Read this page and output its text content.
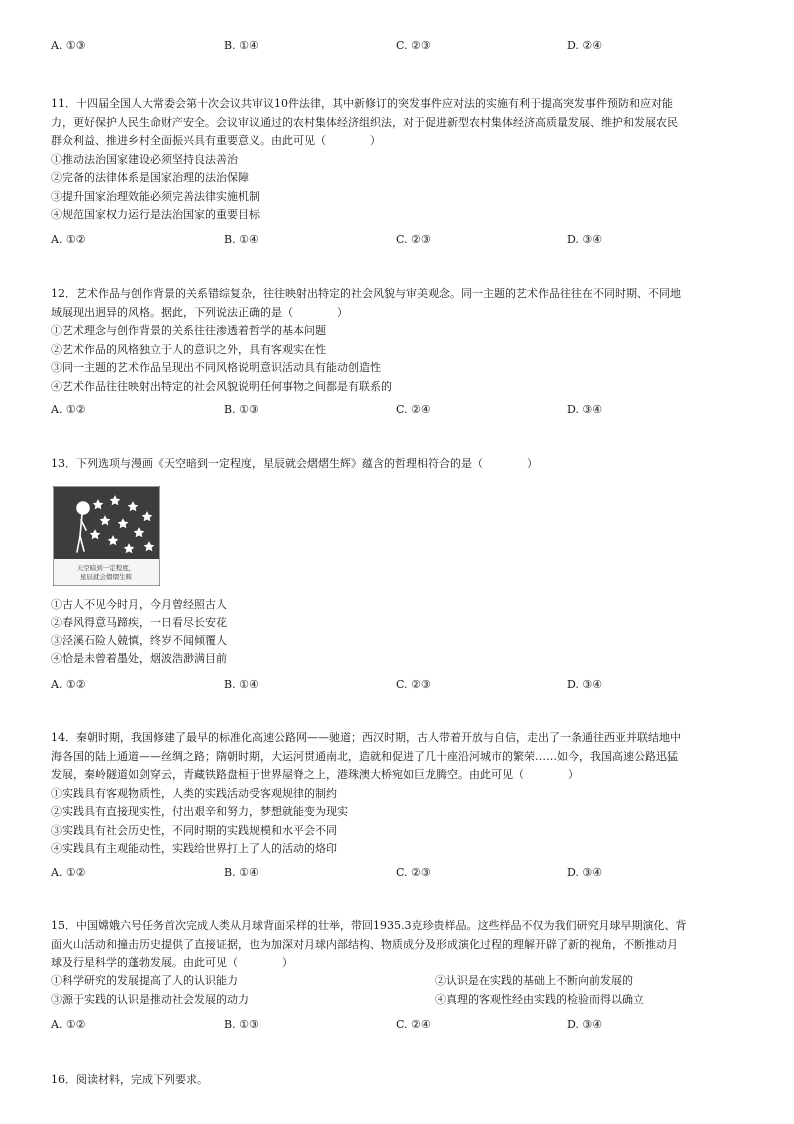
A. ①③	B. ①④	C. ②③	D. ②④
11．十四届全国人大常委会第十次会议共审议10件法律，其中新修订的突发事件应对法的实施有利于提高突发事件预防和应对能
力，更好保护人民生命财产安全。会议审议通过的农村集体经济组织法，对于促进新型农村集体经济高质量发展、维护和发展农民
群众利益、推进乡村全面振兴具有重要意义。由此可见（　　　　）
①推动法治国家建设必须坚持良法善治
②完备的法律体系是国家治理的法治保障
③提升国家治理效能必须完善法律实施机制
④规范国家权力运行是法治国家的重要目标
A. ①②	B. ①④	C. ②③	D. ③④
12．艺术作品与创作背景的关系错综复杂，往往映射出特定的社会风貌与审美观念。同一主题的艺术作品往往在不同时期、不同地
域展现出迥异的风格。据此，下列说法正确的是（　　　　）
①艺术理念与创作背景的关系往往渗透着哲学的基本问题
②艺术作品的风格独立于人的意识之外，具有客观实在性
③同一主题的艺术作品呈现出不同风格说明意识活动具有能动创造性
④艺术作品往往映射出特定的社会风貌说明任何事物之间都是有联系的
A. ①②	B. ①③	C. ②④	D. ③④
13．下列选项与漫画《天空暗到一定程度，星辰就会熠熠生辉》蕴含的哲理相符合的是（　　　　）
天空暗到一定程度，
星辰就会熠熠生辉
①古人不见今时月，今月曾经照古人
②春风得意马蹄疾，一日看尽长安花
③泾溪石险人兢慎，终岁不闻倾覆人
④恰是未曾着墨处，烟波浩渺满目前
A. ①②	B. ①④	C. ②③	D. ③④
14．秦朝时期，我国修建了最早的标准化高速公路网——驰道；西汉时期，古人带着开放与自信，走出了一条通往西亚并联结地中
海各国的陆上通道——丝绸之路；隋朝时期，大运河贯通南北，造就和促进了几十座沿河城市的繁荣……如今，我国高速公路迅猛
发展，秦岭隧道如剑穿云，青藏铁路盘桓于世界屋脊之上，港珠澳大桥宛如巨龙腾空。由此可见（　　　　）
①实践具有客观物质性，人类的实践活动受客观规律的制约
②实践具有直接现实性，付出艰辛和努力，梦想就能变为现实
③实践具有社会历史性，不同时期的实践规模和水平会不同
④实践具有主观能动性，实践给世界打上了人的活动的烙印
A. ①②	B. ①④	C. ②③	D. ③④
15．中国嫦娥六号任务首次完成人类从月球背面采样的壮举，带回1935.3克珍贵样品。这些样品不仅为我们研究月球早期演化、背
面火山活动和撞击历史提供了直接证据，也为加深对月球内部结构、物质成分及形成演化过程的理解开辟了新的视角，不断推动月
球及行星科学的蓬勃发展。由此可见（　　　　）
①科学研究的发展提高了人的认识能力	②认识是在实践的基础上不断向前发展的
③源于实践的认识是推动社会发展的动力	④真理的客观性经由实践的检验而得以确立
A. ①②	B. ①③	C. ②④	D. ③④
16．阅读材料，完成下列要求。
